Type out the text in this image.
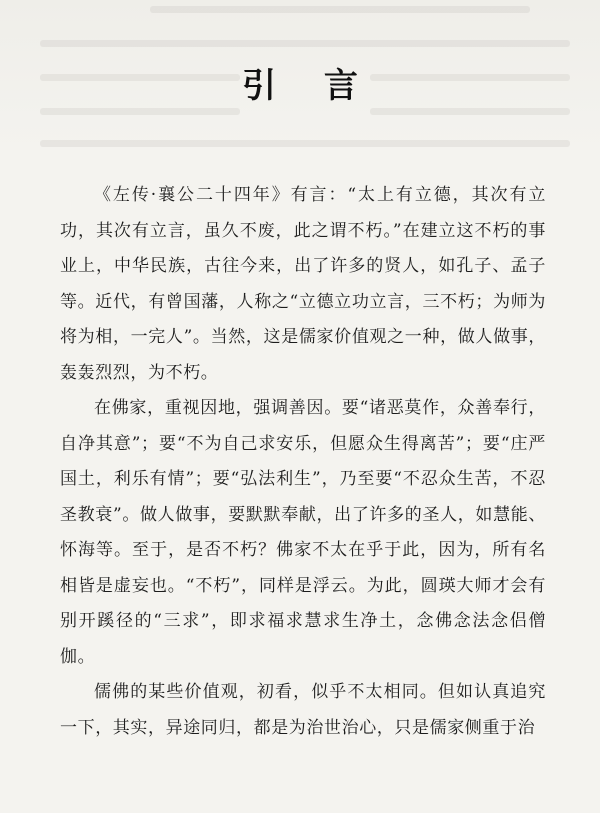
引 言

《左传·襄公二十四年》有言：“太上有立德，其次有立功，其次有立言，虽久不废，此之谓不朽。”在建立这不朽的事业上，中华民族，古往今来，出了许多的贤人，如孔子、孟子等。近代，有曾国藩，人称之“立德立功立言，三不朽；为师为将为相，一完人”。当然，这是儒家价值观之一种，做人做事，轰轰烈烈，为不朽。

在佛家，重视因地，强调善因。要“诸恶莫作，众善奉行，自净其意”；要“不为自己求安乐，但愿众生得离苦”；要“庄严国土，利乐有情”；要“弘法利生”，乃至要“不忍众生苦，不忍圣教衰”。做人做事，要默默奉献，出了许多的圣人，如慧能、怀海等。至于，是否不朽？佛家不太在乎于此，因为，所有名相皆是虚妄也。“不朽”，同样是浮云。为此，圆瑛大师才会有别开蹊径的“三求”，即求福求慧求生净土，念佛念法念侣僧伽。

儒佛的某些价值观，初看，似乎不太相同。但如认真追究一下，其实，异途同归，都是为治世治心，只是儒家侧重于治
